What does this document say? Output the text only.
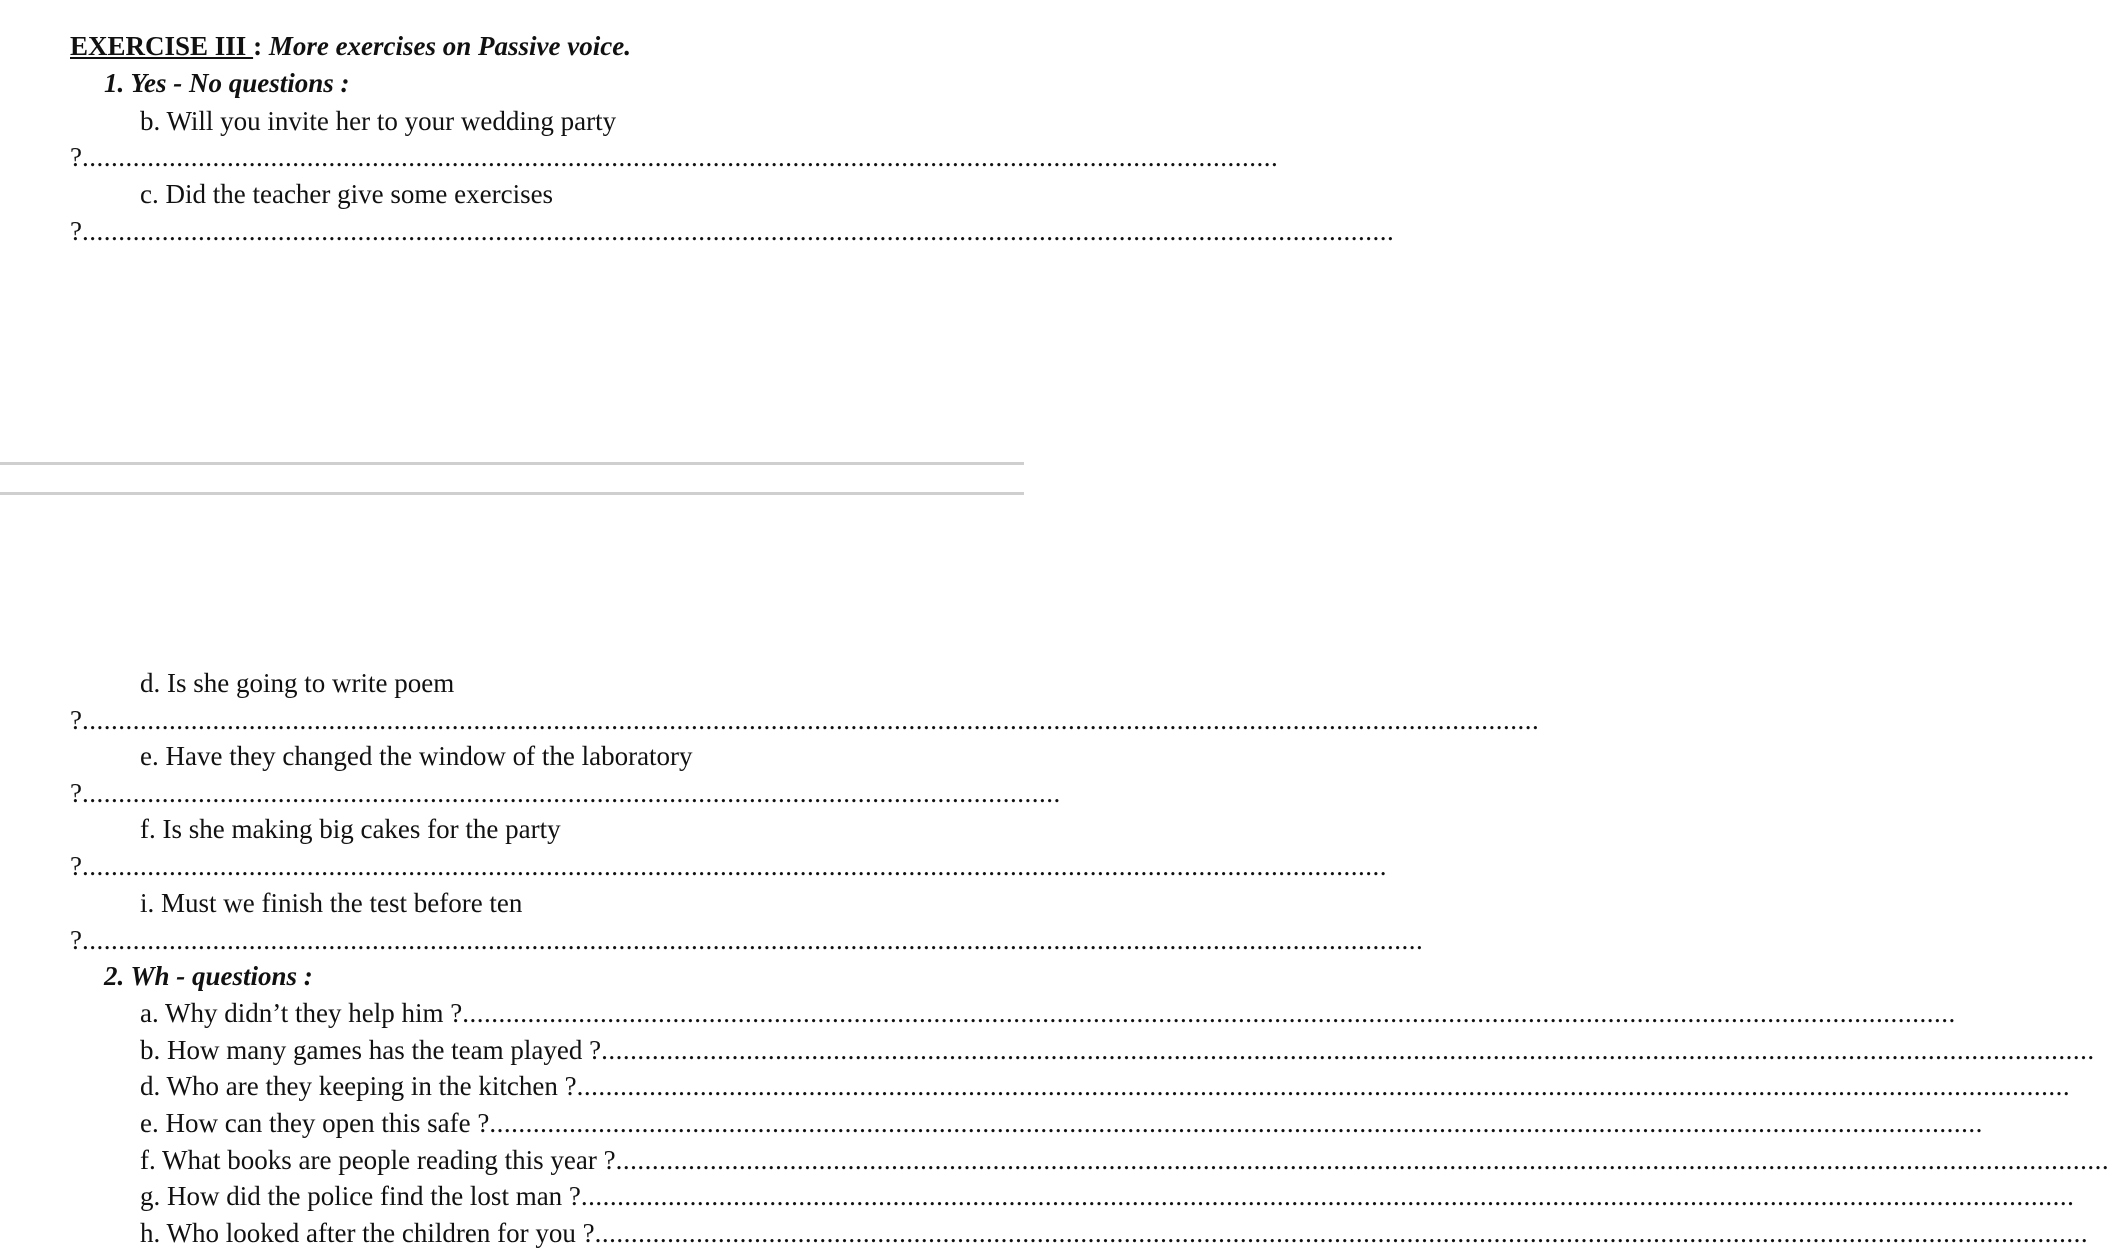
EXERCISE III : More exercises on Passive voice.
1. Yes - No questions :
b. Will you invite her to your wedding party
?.....................................................................................................................................................................
c. Did the teacher give some exercises
?.....................................................................................................................................................................................
d. Is she going to write poem
?.........................................................................................................................................................................................................
e. Have they changed the window of the laboratory
?.......................................................................................................................................
f. Is she making big cakes for the party
?....................................................................................................................................................................................
i. Must we finish the test before ten
?.........................................................................................................................................................................................
2. Wh - questions :
a. Why didn’t they help him ?..............................................................................................................................................................................................................
b. How many games has the team played ?..............................................................................................................................................................................................................
d. Who are they keeping in the kitchen ?..............................................................................................................................................................................................................
e. How can they open this safe ?..............................................................................................................................................................................................................
f. What books are people reading this year ?..............................................................................................................................................................................................................
g. How did the police find the lost man ?..............................................................................................................................................................................................................
h. Who looked after the children for you ?..............................................................................................................................................................................................................
